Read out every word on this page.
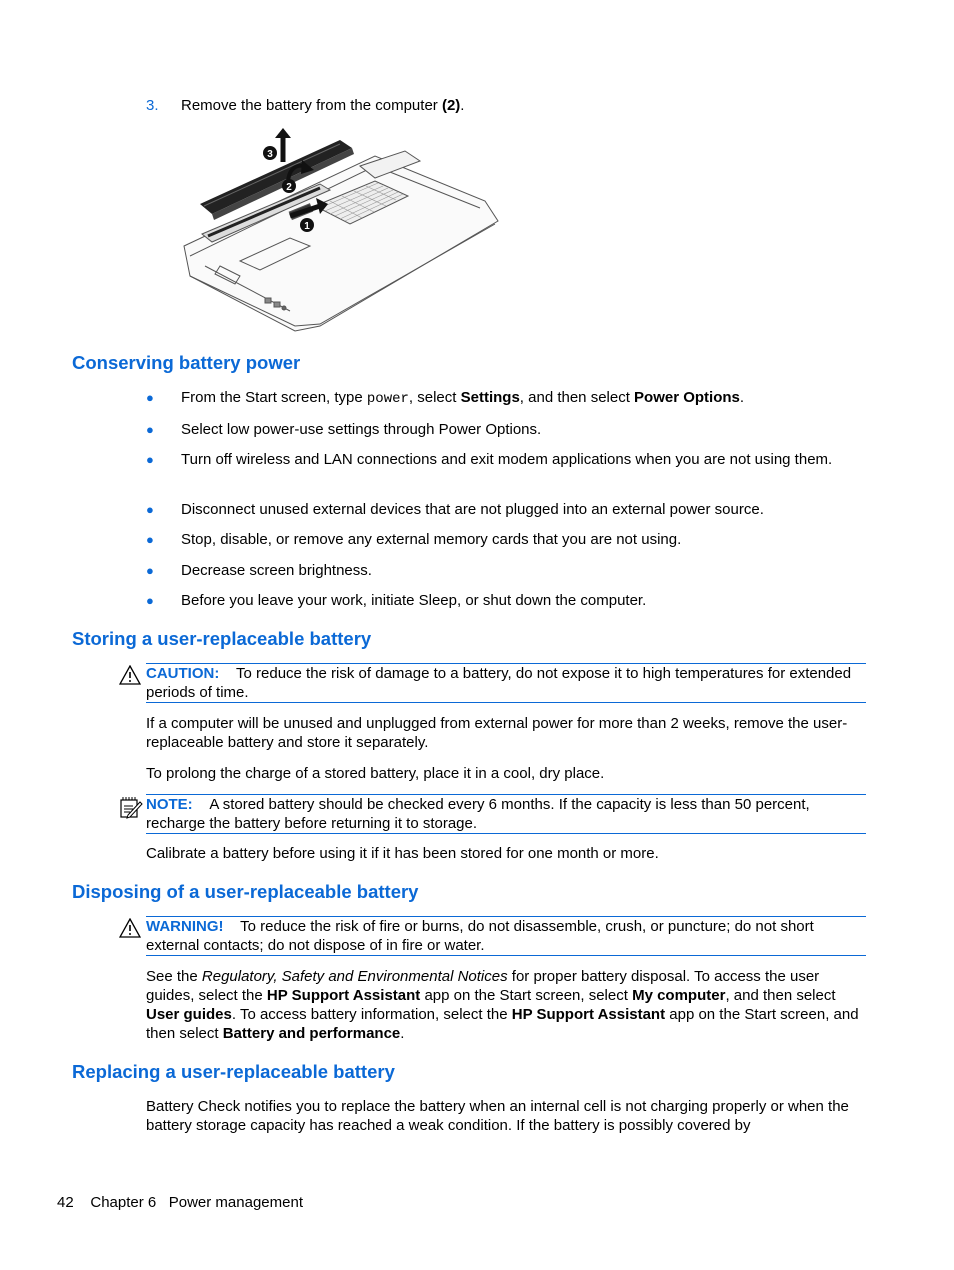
3. Remove the battery from the computer (2).
3
2
1
Conserving battery power
● From the Start screen, type power, select Settings, and then select Power Options.
● Select low power-use settings through Power Options.
● Turn off wireless and LAN connections and exit modem applications when you are not using them.
● Disconnect unused external devices that are not plugged into an external power source.
● Stop, disable, or remove any external memory cards that you are not using.
● Decrease screen brightness.
● Before you leave your work, initiate Sleep, or shut down the computer.
Storing a user-replaceable battery
CAUTION: To reduce the risk of damage to a battery, do not expose it to high temperatures for extended periods of time.
If a computer will be unused and unplugged from external power for more than 2 weeks, remove the user-replaceable battery and store it separately.
To prolong the charge of a stored battery, place it in a cool, dry place.
NOTE: A stored battery should be checked every 6 months. If the capacity is less than 50 percent, recharge the battery before returning it to storage.
Calibrate a battery before using it if it has been stored for one month or more.
Disposing of a user-replaceable battery
WARNING! To reduce the risk of fire or burns, do not disassemble, crush, or puncture; do not short external contacts; do not dispose of in fire or water.
See the Regulatory, Safety and Environmental Notices for proper battery disposal. To access the user guides, select the HP Support Assistant app on the Start screen, select My computer, and then select User guides. To access battery information, select the HP Support Assistant app on the Start screen, and then select Battery and performance.
Replacing a user-replaceable battery
Battery Check notifies you to replace the battery when an internal cell is not charging properly or when the battery storage capacity has reached a weak condition. If the battery is possibly covered by
42 Chapter 6 Power management
